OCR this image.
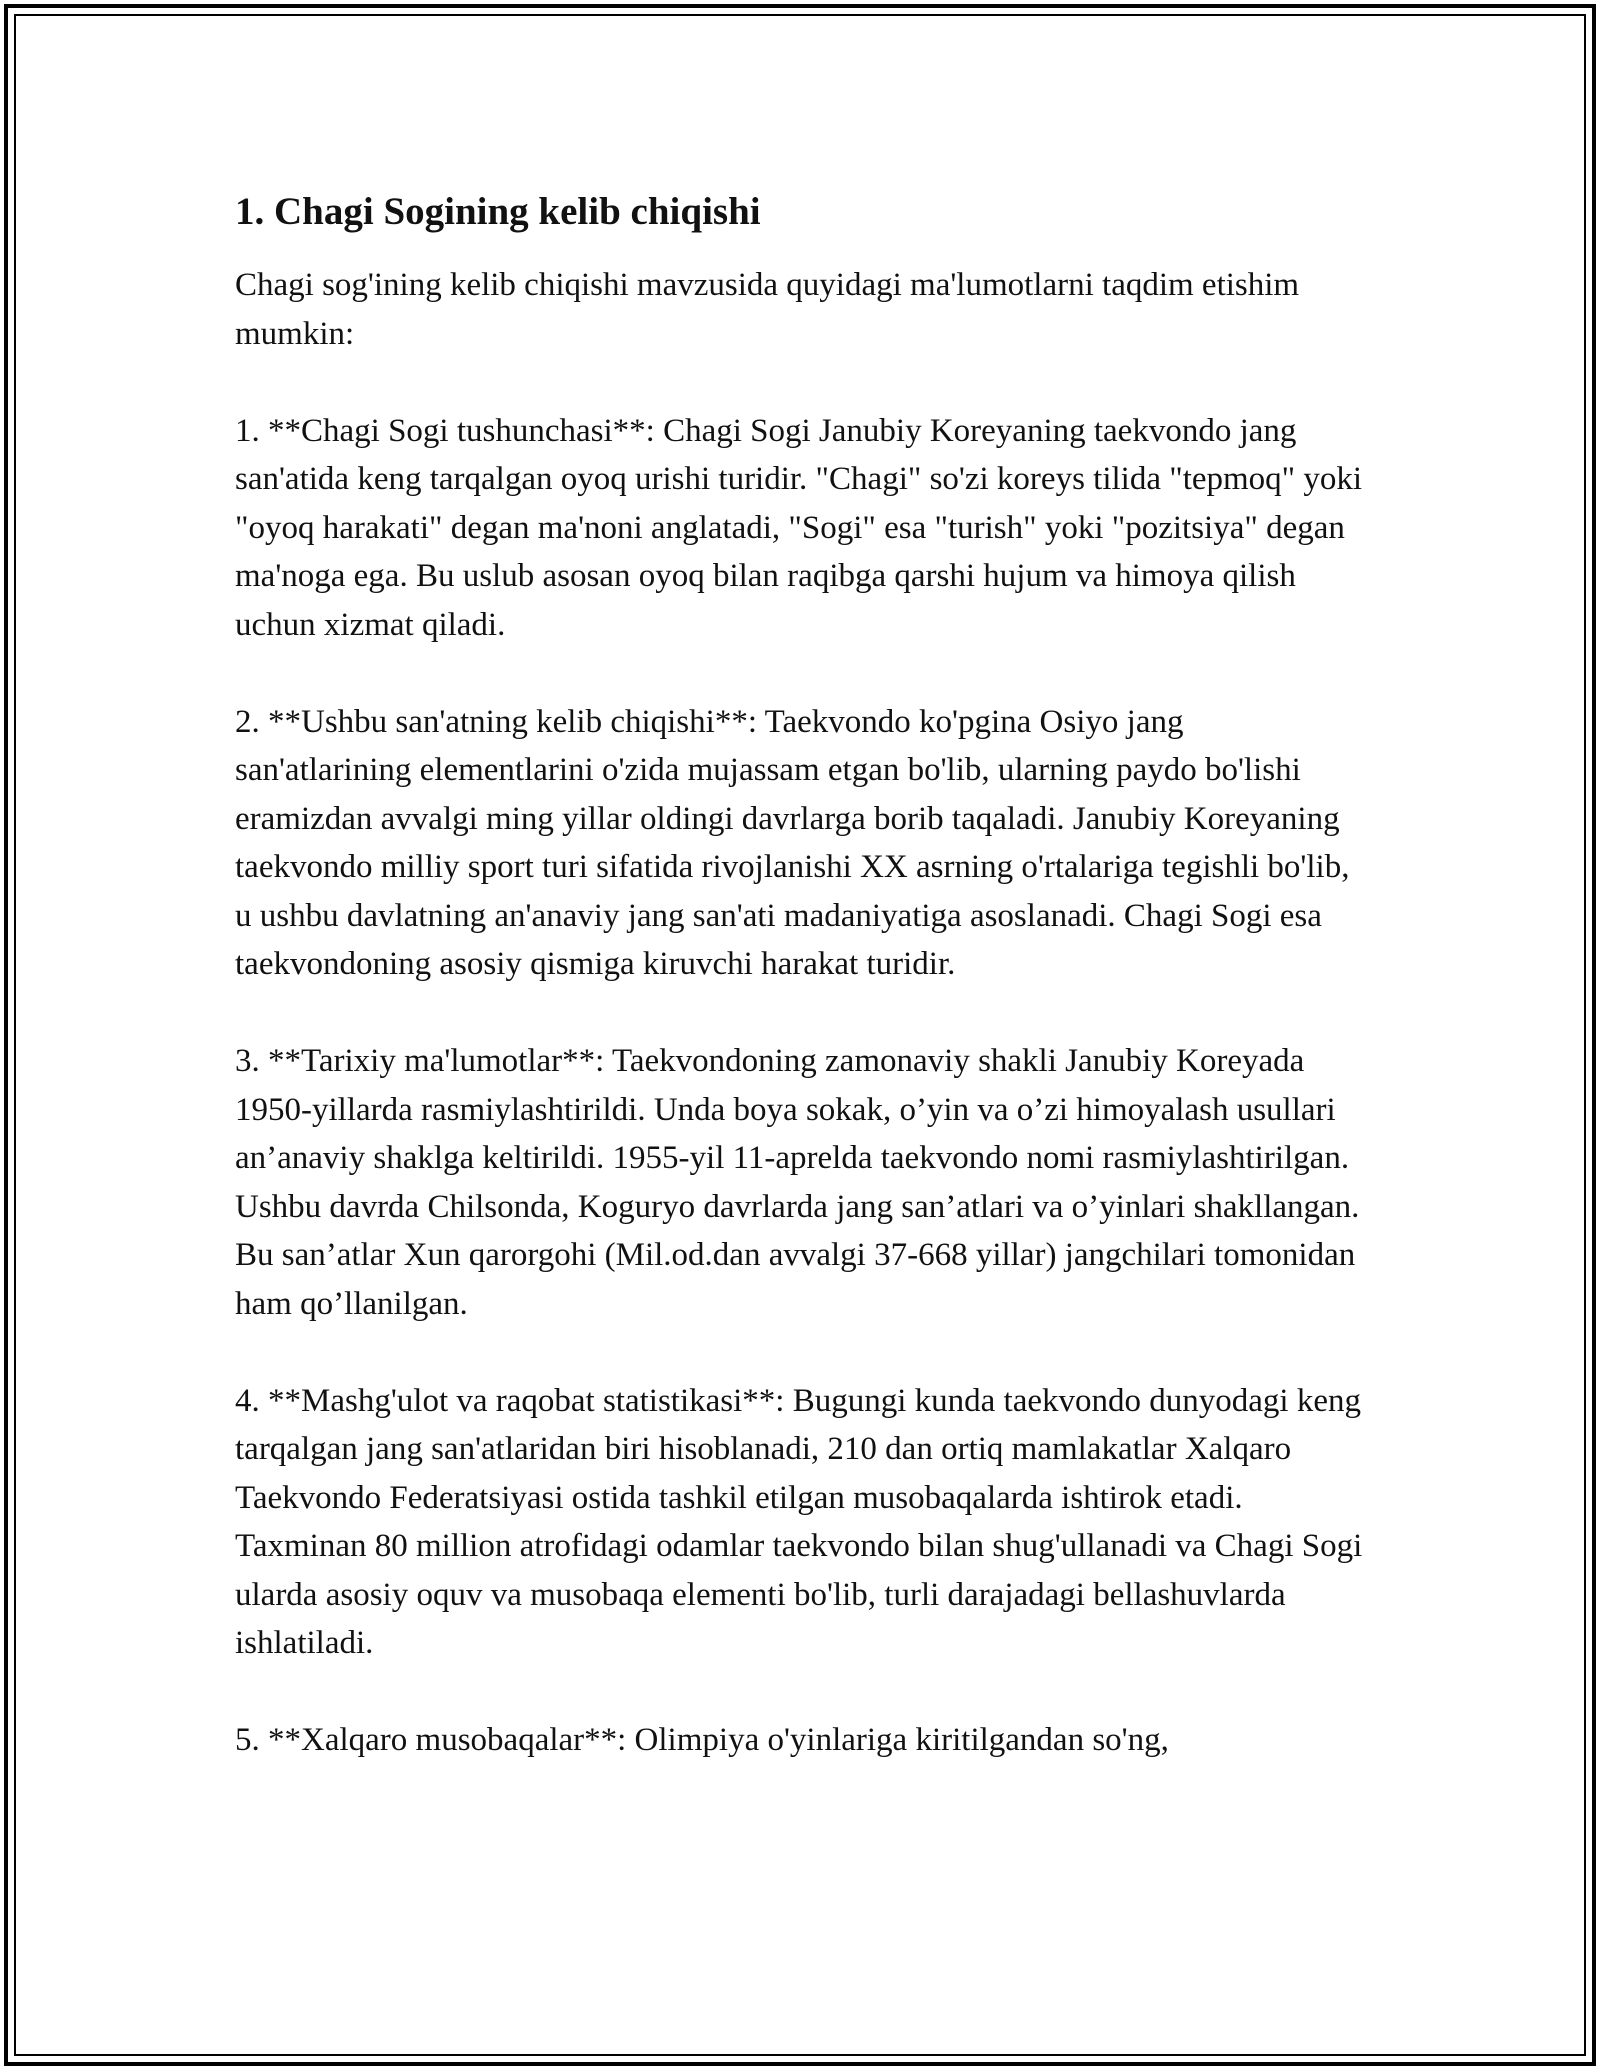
1. Chagi Sogining kelib chiqishi

Chagi sog'ining kelib chiqishi mavzusida quyidagi ma'lumotlarni taqdim etishim mumkin:

1. **Chagi Sogi tushunchasi**: Chagi Sogi Janubiy Koreyaning taekvondo jang san'atida keng tarqalgan oyoq urishi turidir. "Chagi" so'zi koreys tilida "tepmoq" yoki "oyoq harakati" degan ma'noni anglatadi, "Sogi" esa "turish" yoki "pozitsiya" degan ma'noga ega. Bu uslub asosan oyoq bilan raqibga qarshi hujum va himoya qilish uchun xizmat qiladi.

2. **Ushbu san'atning kelib chiqishi**: Taekvondo ko'pgina Osiyo jang san'atlarining elementlarini o'zida mujassam etgan bo'lib, ularning paydo bo'lishi eramizdan avvalgi ming yillar oldingi davrlarga borib taqaladi. Janubiy Koreyaning taekvondo milliy sport turi sifatida rivojlanishi XX asrning o'rtalariga tegishli bo'lib, u ushbu davlatning an'anaviy jang san'ati madaniyatiga asoslanadi. Chagi Sogi esa taekvondoning asosiy qismiga kiruvchi harakat turidir.

3. **Tarixiy ma'lumotlar**: Taekvondoning zamonaviy shakli Janubiy Koreyada 1950-yillarda rasmiylashtirildi. Unda boya sokak, o’yin va o’zi himoyalash usullari an’anaviy shaklga keltirildi. 1955-yil 11-aprelda taekvondo nomi rasmiylashtirilgan. Ushbu davrda Chilsonda, Koguryo davrlarda jang san’atlari va o’yinlari shakllangan. Bu san’atlar Xun qarorgohi (Mil.od.dan avvalgi 37-668 yillar) jangchilari tomonidan ham qo’llanilgan.

4. **Mashg'ulot va raqobat statistikasi**: Bugungi kunda taekvondo dunyodagi keng tarqalgan jang san'atlaridan biri hisoblanadi, 210 dan ortiq mamlakatlar Xalqaro Taekvondo Federatsiyasi ostida tashkil etilgan musobaqalarda ishtirok etadi. Taxminan 80 million atrofidagi odamlar taekvondo bilan shug'ullanadi va Chagi Sogi ularda asosiy oquv va musobaqa elementi bo'lib, turli darajadagi bellashuvlarda ishlatiladi.

5. **Xalqaro musobaqalar**: Olimpiya o'yinlariga kiritilgandan so'ng,
